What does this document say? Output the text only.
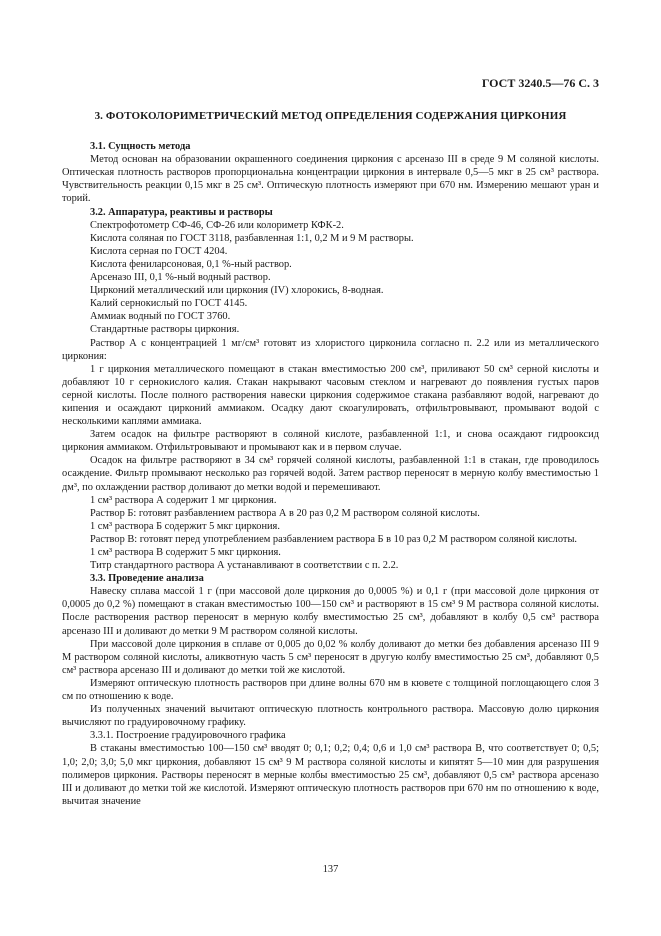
ГОСТ 3240.5—76 С. 3
3. ФОТОКОЛОРИМЕТРИЧЕСКИЙ МЕТОД ОПРЕДЕЛЕНИЯ СОДЕРЖАНИЯ ЦИРКОНИЯ
3.1. Сущность метода

Метод основан на образовании окрашенного соединения циркония с арсеназо III в среде 9 М соляной кислоты. Оптическая плотность растворов пропорциональна концентрации циркония в интервале 0,5—5 мкг в 25 см³ раствора. Чувствительность реакции 0,15 мкг в 25 см³. Оптическую плотность измеряют при 670 нм. Измерению мешают уран и торий.

3.2. Аппаратура, реактивы и растворы

Спектрофотометр СФ-46, СФ-26 или колориметр КФК-2.

Кислота соляная по ГОСТ 3118, разбавленная 1:1, 0,2 М и 9 М растворы.

Кислота серная по ГОСТ 4204.

Кислота фениларсоновая, 0,1 %-ный раствор.

Арсеназо III, 0,1 %-ный водный раствор.

Цирконий металлический или циркония (IV) хлорокись, 8-водная.

Калий сернокислый по ГОСТ 4145.

Аммиак водный по ГОСТ 3760.

Стандартные растворы циркония.

Раствор А с концентрацией 1 мг/см³ готовят из хлористого цирконила согласно п. 2.2 или из металлического циркония:

1 г циркония металлического помещают в стакан вместимостью 200 см³, приливают 50 см³ серной кислоты и добавляют 10 г сернокислого калия. Стакан накрывают часовым стеклом и нагревают до появления густых паров серной кислоты. После полного растворения навески циркония содержимое стакана разбавляют водой, нагревают до кипения и осаждают цирконий аммиаком. Осадку дают скоагулировать, отфильтровывают, промывают водой с несколькими каплями аммиака.

Затем осадок на фильтре растворяют в соляной кислоте, разбавленной 1:1, и снова осаждают гидрооксид циркония аммиаком. Отфильтровывают и промывают как и в первом случае.

Осадок на фильтре растворяют в 34 см³ горячей соляной кислоты, разбавленной 1:1 в стакан, где проводилось осаждение. Фильтр промывают несколько раз горячей водой. Затем раствор переносят в мерную колбу вместимостью 1 дм³, по охлаждении раствор доливают до метки водой и перемешивают.

1 см³ раствора А содержит 1 мг циркония.

Раствор Б: готовят разбавлением раствора А в 20 раз 0,2 М раствором соляной кислоты.

1 см³ раствора Б содержит 5 мкг циркония.

Раствор В: готовят перед употреблением разбавлением раствора Б в 10 раз 0,2 М раствором соляной кислоты.

1 см³ раствора В содержит 5 мкг циркония.

Титр стандартного раствора А устанавливают в соответствии с п. 2.2.

3.3. Проведение анализа

Навеску сплава массой 1 г (при массовой доле циркония до 0,0005 %) и 0,1 г (при массовой доле циркония от 0,0005 до 0,2 %) помещают в стакан вместимостью 100—150 см³ и растворяют в 15 см³ 9 М раствора соляной кислоты. После растворения раствор переносят в мерную колбу вместимостью 25 см³, добавляют в колбу 0,5 см³ раствора арсеназо III и доливают до метки 9 М раствором соляной кислоты.

При массовой доле циркония в сплаве от 0,005 до 0,02 % колбу доливают до метки без добавления арсеназо III 9 М раствором соляной кислоты, аликвотную часть 5 см³ переносят в другую колбу вместимостью 25 см³, добавляют 0,5 см³ раствора арсеназо III и доливают до метки той же кислотой.

Измеряют оптическую плотность растворов при длине волны 670 нм в кювете с толщиной поглощающего слоя 3 см по отношению к воде.

Из полученных значений вычитают оптическую плотность контрольного раствора. Массовую долю циркония вычисляют по градуировочному графику.

3.3.1. Построение градуировочного графика

В стаканы вместимостью 100—150 см³ вводят 0; 0,1; 0,2; 0,4; 0,6 и 1,0 см³ раствора В, что соответствует 0; 0,5; 1,0; 2,0; 3,0; 5,0 мкг циркония, добавляют 15 см³ 9 М раствора соляной кислоты и кипятят 5—10 мин для разрушения полимеров циркония. Растворы переносят в мерные колбы вместимостью 25 см³, добавляют 0,5 см³ раствора арсеназо III и доливают до метки той же кислотой. Измеряют оптическую плотность растворов при 670 нм по отношению к воде, вычитая значение

137
